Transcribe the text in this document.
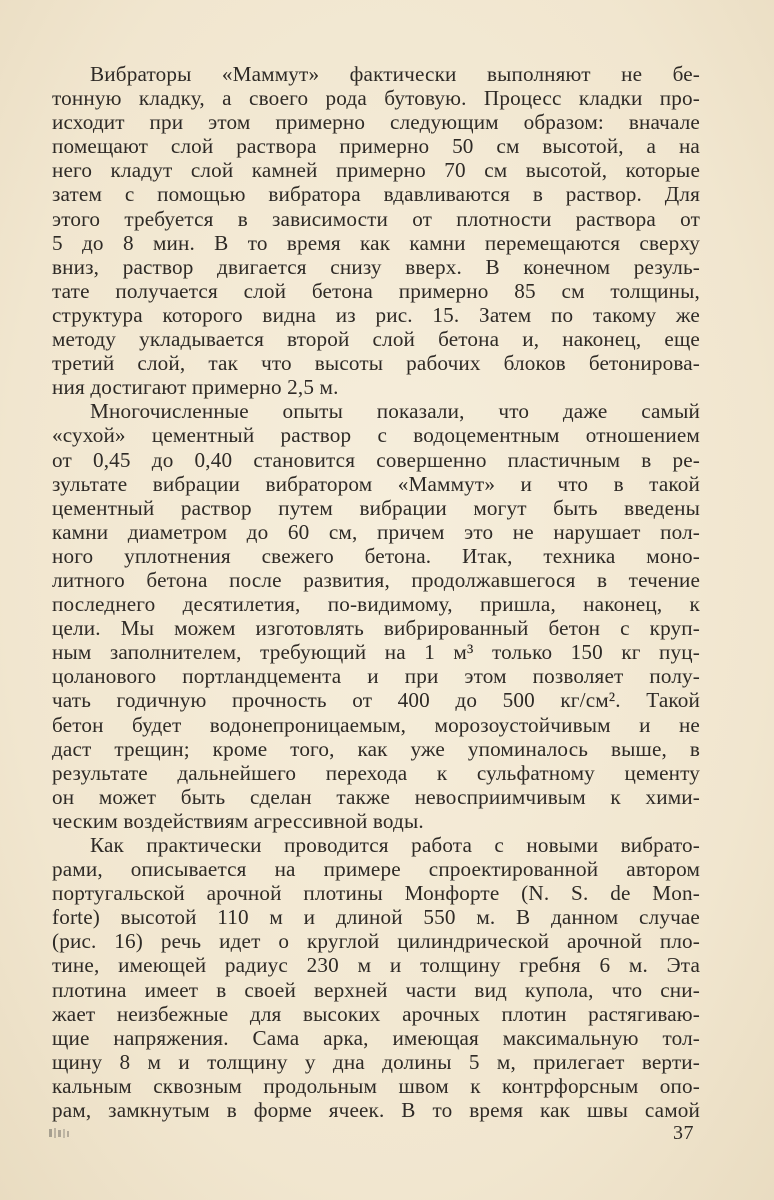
Вибраторы «Маммут» фактически выполняют не бе-
тонную кладку, а своего рода бутовую. Процесс кладки про-
исходит при этом примерно следующим образом: вначале
помещают слой раствора примерно 50 см высотой, а на
него кладут слой камней примерно 70 см высотой, которые
затем с помощью вибратора вдавливаются в раствор. Для
этого требуется в зависимости от плотности раствора от
5 до 8 мин. В то время как камни перемещаются сверху
вниз, раствор двигается снизу вверх. В конечном резуль-
тате получается слой бетона примерно 85 см толщины,
структура которого видна из рис. 15. Затем по такому же
методу укладывается второй слой бетона и, наконец, еще
третий слой, так что высоты рабочих блоков бетонирова-
ния достигают примерно 2,5 м.
Многочисленные опыты показали, что даже самый
«сухой» цементный раствор с водоцементным отношением
от 0,45 до 0,40 становится совершенно пластичным в ре-
зультате вибрации вибратором «Маммут» и что в такой
цементный раствор путем вибрации могут быть введены
камни диаметром до 60 см, причем это не нарушает пол-
ного уплотнения свежего бетона. Итак, техника моно-
литного бетона после развития, продолжавшегося в течение
последнего десятилетия, по-видимому, пришла, наконец, к
цели. Мы можем изготовлять вибрированный бетон с круп-
ным заполнителем, требующий на 1 м³ только 150 кг пуц-
цоланового портландцемента и при этом позволяет полу-
чать годичную прочность от 400 до 500 кг/см². Такой
бетон будет водонепроницаемым, морозоустойчивым и не
даст трещин; кроме того, как уже упоминалось выше, в
результате дальнейшего перехода к сульфатному цементу
он может быть сделан также невосприимчивым к хими-
ческим воздействиям агрессивной воды.
Как практически проводится работа с новыми вибрато-
рами, описывается на примере спроектированной автором
португальской арочной плотины Монфорте (N. S. de Mon-
forte) высотой 110 м и длиной 550 м. В данном случае
(рис. 16) речь идет о круглой цилиндрической арочной пло-
тине, имеющей радиус 230 м и толщину гребня 6 м. Эта
плотина имеет в своей верхней части вид купола, что сни-
жает неизбежные для высоких арочных плотин растягиваю-
щие напряжения. Сама арка, имеющая максимальную тол-
щину 8 м и толщину у дна долины 5 м, прилегает верти-
кальным сквозным продольным швом к контрфорсным опо-
рам, замкнутым в форме ячеек. В то время как швы самой
37
